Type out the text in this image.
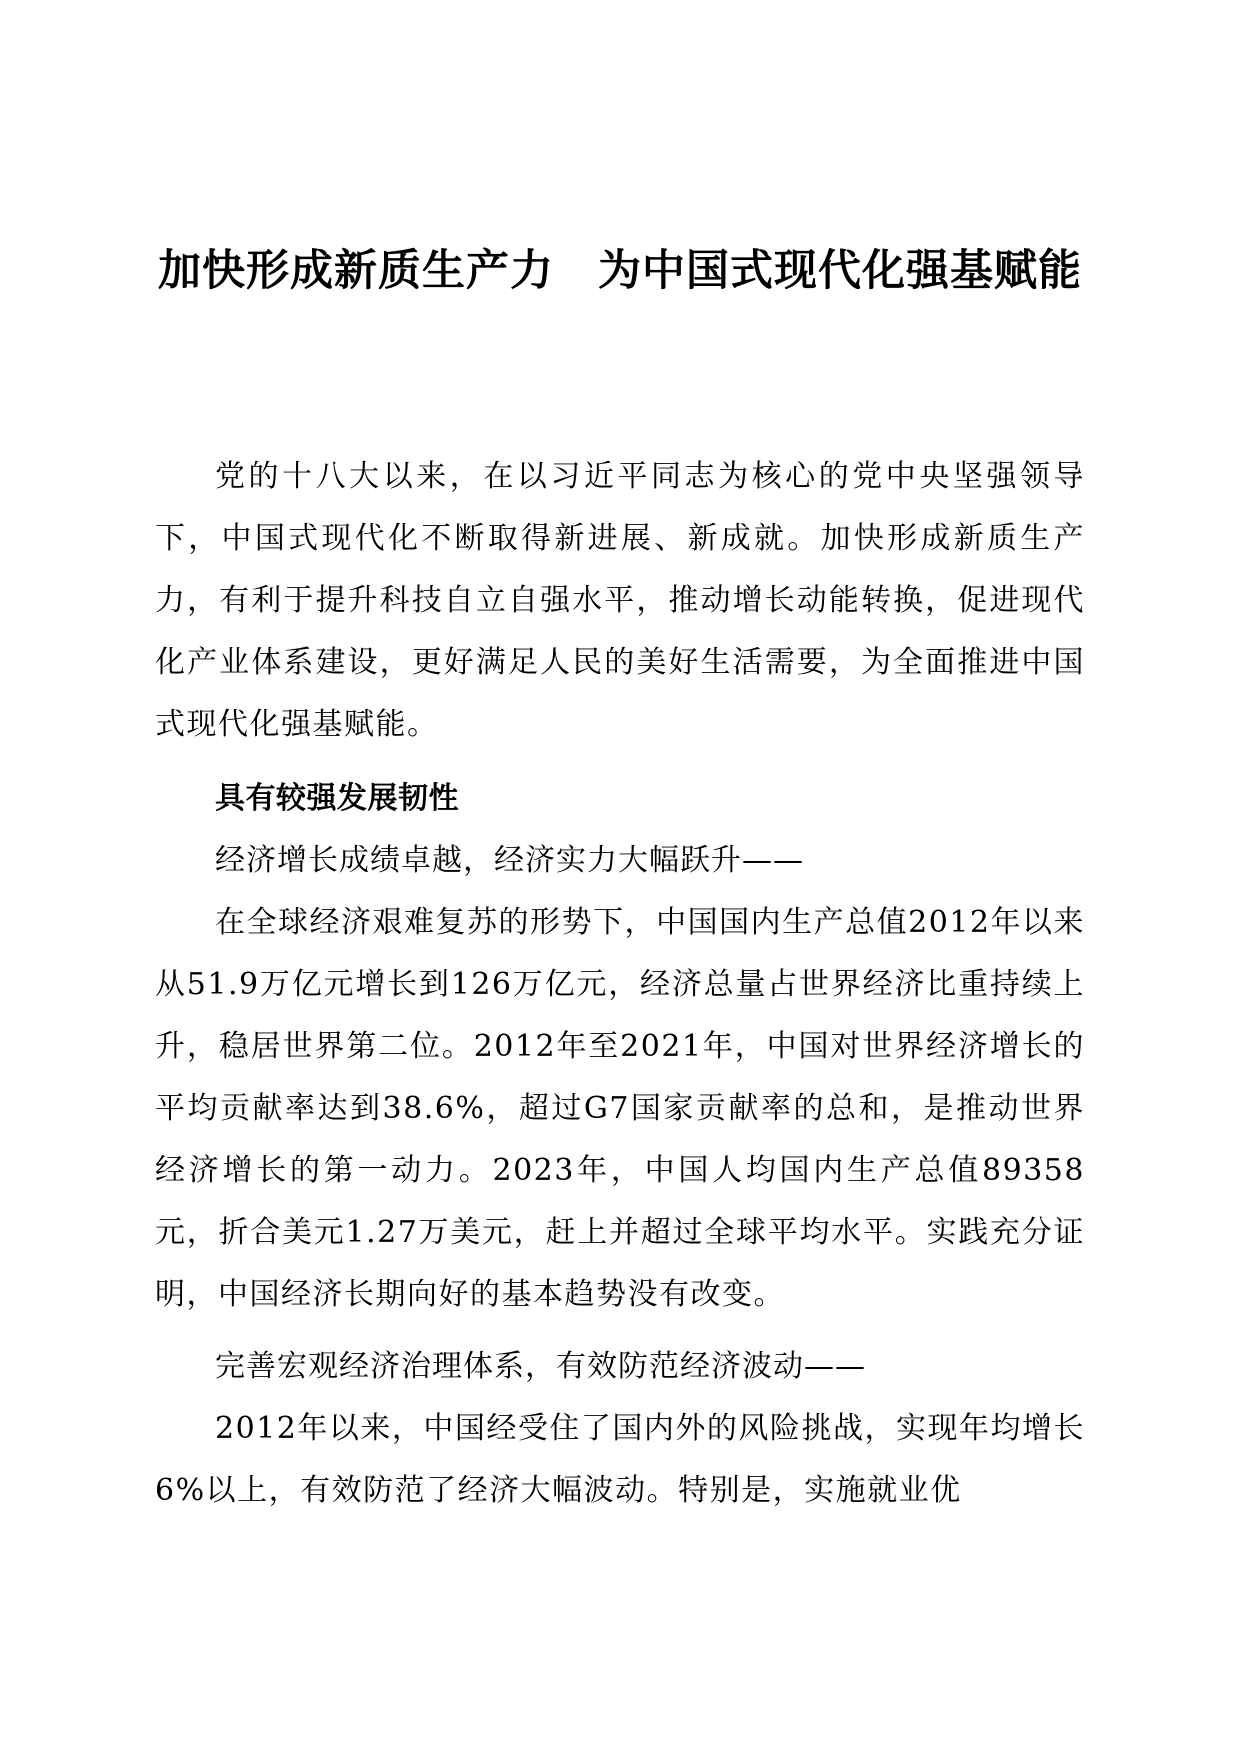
加快形成新质生产力　为中国式现代化强基赋能

党的十八大以来，在以习近平同志为核心的党中央坚强领导下，中国式现代化不断取得新进展、新成就。加快形成新质生产力，有利于提升科技自立自强水平，推动增长动能转换，促进现代化产业体系建设，更好满足人民的美好生活需要，为全面推进中国式现代化强基赋能。

具有较强发展韧性

经济增长成绩卓越，经济实力大幅跃升——

在全球经济艰难复苏的形势下，中国国内生产总值2012年以来从51.9万亿元增长到126万亿元，经济总量占世界经济比重持续上升，稳居世界第二位。2012年至2021年，中国对世界经济增长的平均贡献率达到38.6%，超过G7国家贡献率的总和，是推动世界经济增长的第一动力。2023年，中国人均国内生产总值89358元，折合美元1.27万美元，赶上并超过全球平均水平。实践充分证明，中国经济长期向好的基本趋势没有改变。

完善宏观经济治理体系，有效防范经济波动——

2012年以来，中国经受住了国内外的风险挑战，实现年均增长6%以上，有效防范了经济大幅波动。特别是，实施就业优
